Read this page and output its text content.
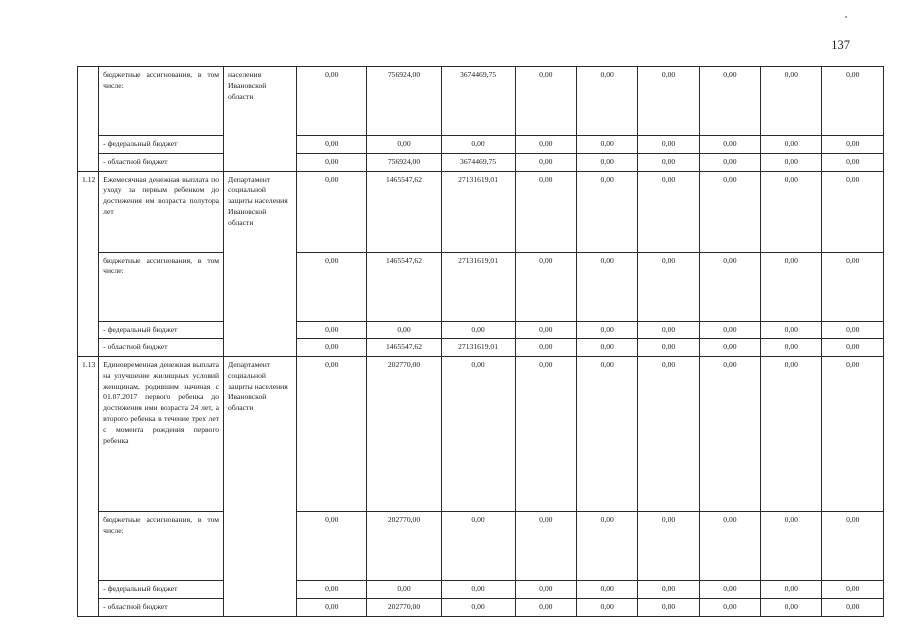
137
	бюджетные ассигнования, в том числе:	населения Ивановской области	0,00	756924,00	3674469,75	0,00	0,00	0,00	0,00	0,00	0,00
	- федеральный бюджет		0,00	0,00	0,00	0,00	0,00	0,00	0,00	0,00	0,00
	- областной бюджет		0,00	756924,00	3674469,75	0,00	0,00	0,00	0,00	0,00	0,00
1.12	Ежемесячная денежная выплата по уходу за первым ребенком до достижения им возраста полутора лет	Департамент социальной защиты населения Ивановской области	0,00	1465547,62	27131619,01	0,00	0,00	0,00	0,00	0,00	0,00
	бюджетные ассигнования, в том числе:		0,00	1465547,62	27131619,01	0,00	0,00	0,00	0,00	0,00	0,00
	- федеральный бюджет		0,00	0,00	0,00	0,00	0,00	0,00	0,00	0,00	0,00
	- областной бюджет		0,00	1465547,62	27131619,01	0,00	0,00	0,00	0,00	0,00	0,00
1.13	Единовременная денежная выплата на улучшение жилищных условий женщинам, родившим начиная с 01.07.2017 первого ребенка до достижения ими возраста 24 лет, а второго ребенка в течение трех лет с момента рождения первого ребенка	Департамент социальной защиты населения Ивановской области	0,00	202770,00	0,00	0,00	0,00	0,00	0,00	0,00	0,00
	бюджетные ассигнования, в том числе:		0,00	202770,00	0,00	0,00	0,00	0,00	0,00	0,00	0,00
	- федеральный бюджет		0,00	0,00	0,00	0,00	0,00	0,00	0,00	0,00	0,00
	- областной бюджет		0,00	202770,00	0,00	0,00	0,00	0,00	0,00	0,00	0,00
